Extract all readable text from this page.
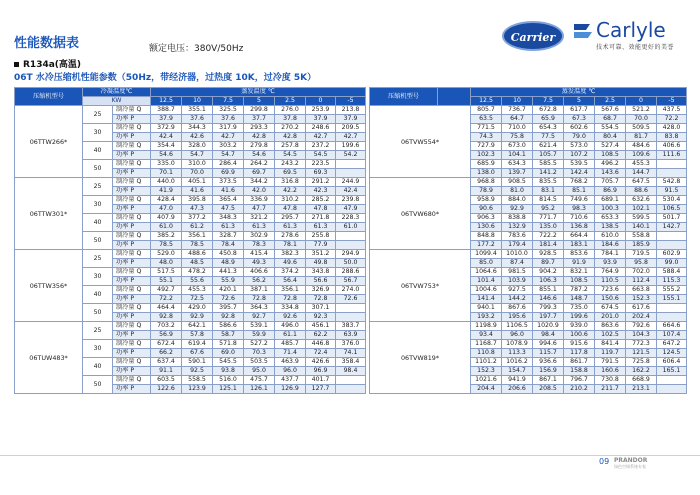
性能数据表	额定电压：380V/50Hz
Carrier	Carlyle
技术可靠、效能更好的美誉
R134a(高温)
06T 水冷压缩机性能参数（50Hz，带经济器，过热度 10K，过冷度 5K）
压缩机型号	冷凝温度℃		蒸发温度 ℃						
	KW		12.5	10	7.5	5	2.5	0	-5
06TTW266*	25	制冷量 Q	388.7	355.1	325.5	299.8	276.0	253.9	213.8
		功率 P	37.9	37.6	37.6	37.7	37.8	37.9	37.9
	30	制冷量 Q	372.9	344.3	317.9	293.3	270.2	248.6	209.5
		功率 P	42.4	42.6	42.7	42.8	42.8	42.7	42.7
	40	制冷量 Q	354.4	328.0	303.2	279.8	257.8	237.2	199.6
		功率 P	54.6	54.7	54.7	54.6	54.5	54.5	54.2
	50	制冷量 Q	335.0	310.0	286.4	264.2	243.2	223.5	
		功率 P	70.1	70.0	69.9	69.7	69.5	69.3	
06TTW301*	25	制冷量 Q	440.0	405.1	373.5	344.2	316.8	291.2	244.9
		功率 P	41.9	41.6	41.6	42.0	42.2	42.3	42.4
	30	制冷量 Q	428.4	395.8	365.4	336.9	310.2	285.2	239.8
		功率 P	47.0	47.3	47.5	47.7	47.8	47.8	47.9
	40	制冷量 Q	407.9	377.2	348.3	321.2	295.7	271.8	228.3
		功率 P	61.0	61.2	61.3	61.3	61.3	61.3	61.0
	50	制冷量 Q	385.2	356.1	328.7	302.9	278.6	255.8	
		功率 P	78.5	78.5	78.4	78.3	78.1	77.9	
06TTW356*	25	制冷量 Q	529.0	488.6	450.8	415.4	382.3	351.2	294.9
		功率 P	48.0	48.5	48.9	49.3	49.6	49.8	50.0
	30	制冷量 Q	517.5	478.2	441.3	406.6	374.2	343.8	288.6
		功率 P	55.1	55.6	55.9	56.2	56.4	56.6	56.7
	40	制冷量 Q	492.7	455.3	420.1	387.1	356.1	326.9	274.0
		功率 P	72.2	72.5	72.6	72.8	72.8	72.8	72.6
	50	制冷量 Q	464.4	429.0	395.7	364.3	334.8	307.1	
		功率 P	92.8	92.9	92.8	92.7	92.6	92.3	
06TUW483*	25	制冷量 Q	703.2	642.1	586.6	539.1	496.0	456.1	383.7
		功率 P	56.9	57.8	58.7	59.9	61.1	62.2	63.9
	30	制冷量 Q	672.4	619.4	571.8	527.2	485.7	446.8	376.0
		功率 P	66.2	67.6	69.0	70.3	71.4	72.4	74.1
	40	制冷量 Q	637.4	590.1	545.5	503.5	463.9	426.6	358.4
		功率 P	91.1	92.5	93.8	95.0	96.0	96.9	98.4
	50	制冷量 Q	603.5	558.5	516.0	475.7	437.7	401.7	
		功率 P	122.6	123.9	125.1	126.1	126.9	127.7	
压缩机型号		蒸发温度 ℃						
		12.5	10	7.5	5	2.5	0	-5
06TVW554*		805.7	736.7	672.8	617.7	567.6	521.2	437.5
		63.5	64.7	65.9	67.3	68.7	70.0	72.2
		771.5	710.0	654.3	602.6	554.5	509.5	428.0
		74.3	75.8	77.5	79.0	80.4	81.7	83.8
		727.9	673.0	621.4	573.0	527.4	484.6	406.6
		102.3	104.1	105.7	107.2	108.5	109.6	111.6
		685.9	634.3	585.5	539.5	496.2	455.3	
		138.0	139.7	141.2	142.4	143.6	144.7	
06TVW680*		968.8	908.5	835.5	768.2	705.7	647.5	542.8
		78.9	81.0	83.1	85.1	86.9	88.6	91.5
		958.9	884.0	814.5	749.6	689.1	632.6	530.4
		90.6	92.9	95.2	98.3	100.3	102.1	106.5
		906.3	838.8	771.7	710.6	653.3	599.5	501.7
		130.6	132.9	135.0	136.8	138.5	140.1	142.7
		848.8	783.6	722.2	664.4	610.0	558.8	
		177.2	179.4	181.4	183.1	184.6	185.9	
06TVW753*		1099.4	1010.0	928.5	853.6	784.1	719.5	602.9
		85.0	87.4	89.7	91.9	93.9	95.8	99.0
		1064.6	981.5	904.2	832.1	764.9	702.0	588.4
		101.4	103.9	106.3	108.5	110.5	112.4	115.3
		1004.6	927.5	855.1	787.2	723.6	663.8	555.2
		141.4	144.2	146.6	148.7	150.6	152.3	155.1
		940.1	867.6	799.3	735.0	674.5	617.6	
		193.2	195.6	197.7	199.6	201.0	202.4	
06TVW819*		1198.9	1106.5	1020.9	939.0	863.6	792.6	664.6
		93.4	96.0	98.4	100.6	102.5	104.3	107.4
		1168.7	1078.9	994.6	915.6	841.4	772.3	647.2
		110.8	113.3	115.7	117.8	119.7	121.5	124.5
		1101.2	1016.2	936.6	861.7	791.5	725.8	606.4
		152.3	154.7	156.9	158.8	160.6	162.2	165.1
		1021.6	941.9	867.1	796.7	730.8	668.9	
		204.4	206.6	208.5	210.2	211.7	213.1	
09 PRANDOR
绿色空调系统专家
